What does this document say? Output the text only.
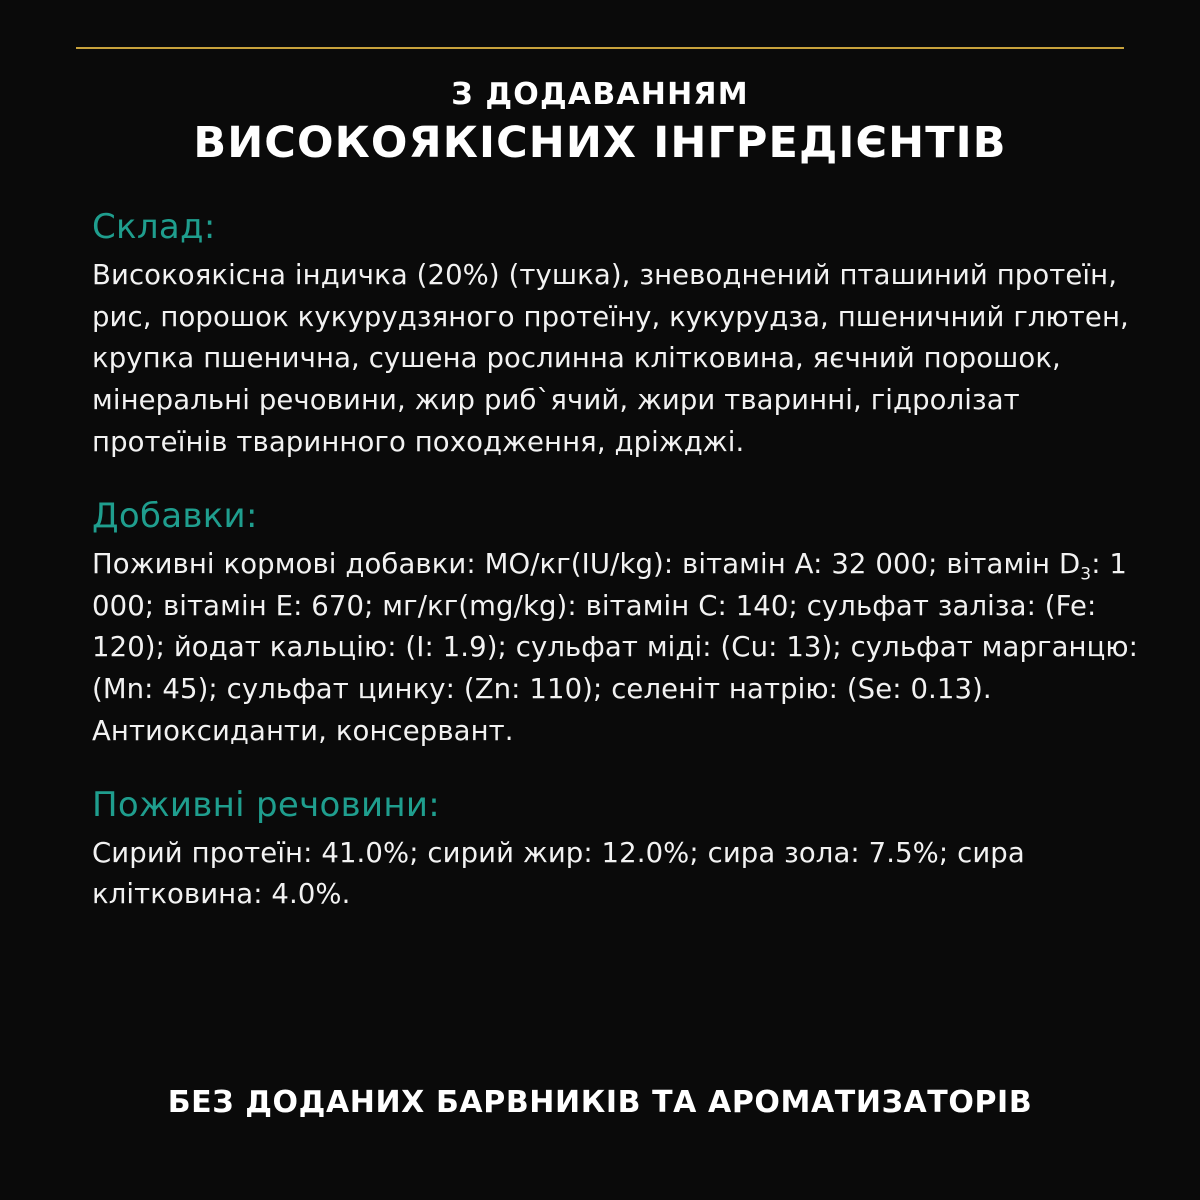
З ДОДАВАННЯМ
ВИСОКОЯКІСНИХ ІНГРЕДІЄНТІВ
Склад:

Високоякісна індичка (20%) (тушка), зневоднений пташиний протеїн, рис, порошок кукурудзяного протеїну, кукурудза, пшеничний глютен, крупка пшенична, сушена рослинна клітковина, яєчний порошок, мінеральні речовини, жир риб`ячий, жири тваринні, гідролізат протеїнів тваринного походження, дріжджі.

Добавки:

Поживні кормові добавки: МО/кг(IU/kg): вітамін A: 32 000; вітамін $D_3$: 1 000; вітамін E: 670; мг/кг(mg/kg): вітамін C: 140; сульфат заліза: (Fe: 120); йодат кальцію: (I: 1.9); сульфат міді: (Cu: 13); сульфат марганцю: (Mn: 45); сульфат цинку: (Zn: 110); селеніт натрію: (Se: 0.13). Антиоксиданти, консервант.

Поживні речовини:

Сирий протеїн: 41.0%; сирий жир: 12.0%; сира зола: 7.5%; сира клітковина: 4.0%.

БЕЗ ДОДАНИХ БАРВНИКІВ ТА АРОМАТИЗАТОРІВ
